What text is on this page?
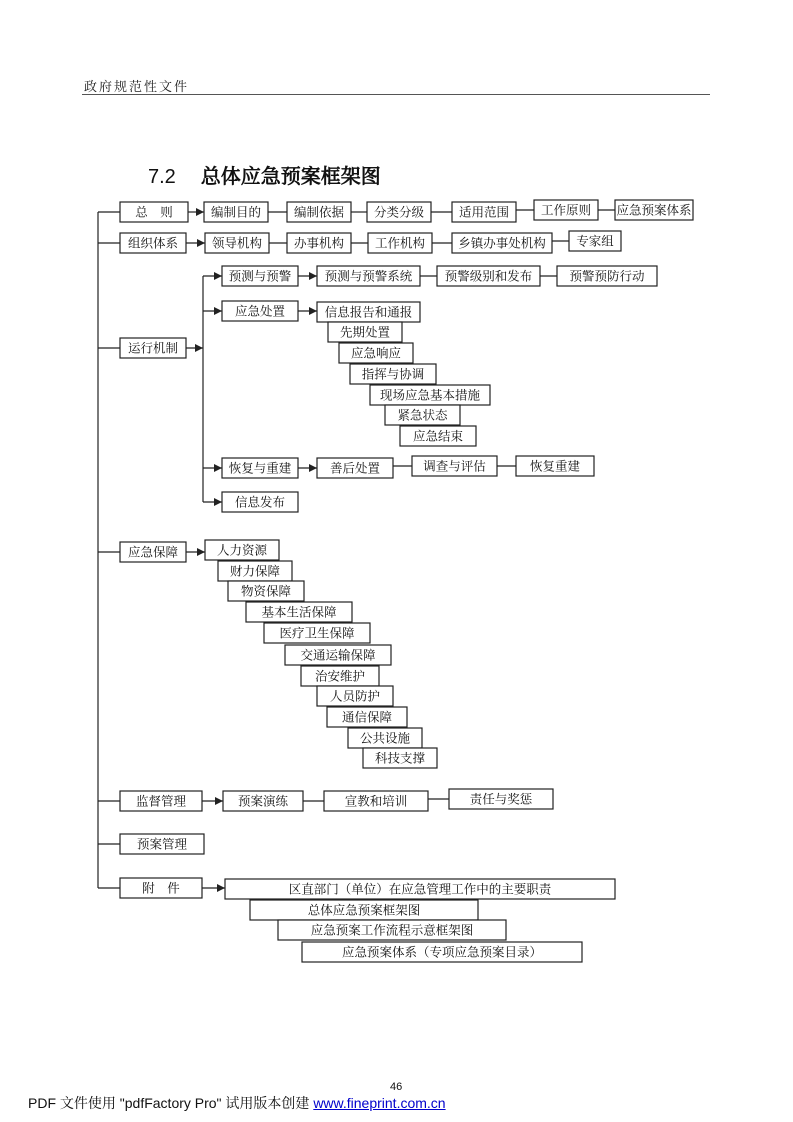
政府规范性文件
7.2 总体应急预案框架图
总　则	编制目的	编制依据 分类分级	适用范围	工作原则 应急预案体系
组织体系	领导机构	办事机构 工作机构	乡镇办事处机构 专家组
运行机制
预测与预警	预测与预警系统	预警级别和发布	预警预防行动
应急处置	信息报告和通报
先期处置
应急响应
指挥与协调
现场应急基本措施
紧急状态
应急结束
恢复与重建	善后处置	调查与评估	恢复重建
信息发布
应急保障	人力资源
财力保障
物资保障
基本生活保障
医疗卫生保障
交通运输保障
治安维护
人员防护
通信保障
公共设施
科技支撑
监督管理	预案演练	宣教和培训	责任与奖惩
预案管理
附　件	区直部门（单位）在应急管理工作中的主要职责
总体应急预案框架图
应急预案工作流程示意框架图
应急预案体系（专项应急预案目录）
46
PDF 文件使用 "pdfFactory Pro" 试用版本创建 www.fineprint.com.cn
